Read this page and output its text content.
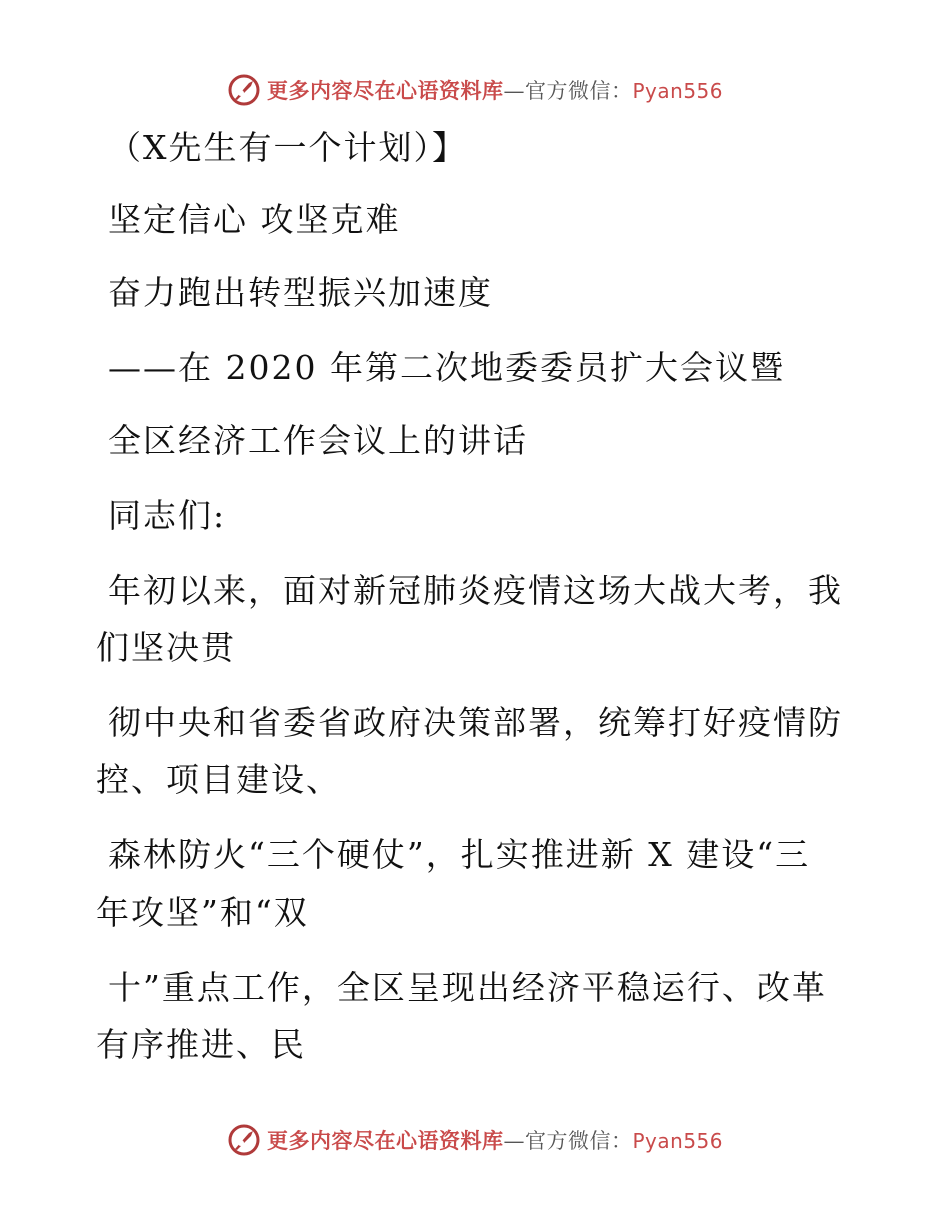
更多内容尽在心语资料库—官方微信：Pyan556
（X先生有一个计划）】
坚定信心 攻坚克难
奋力跑出转型振兴加速度
——在 2020 年第二次地委委员扩大会议暨
全区经济工作会议上的讲话
同志们:
年初以来，面对新冠肺炎疫情这场大战大考，我
们坚决贯
彻中央和省委省政府决策部署，统筹打好疫情防
控、项目建设、
森林防火“三个硬仗”，扎实推进新 X 建设“三
年攻坚”和“双
十”重点工作，全区呈现出经济平稳运行、改革
有序推进、民
更多内容尽在心语资料库—官方微信：Pyan556
